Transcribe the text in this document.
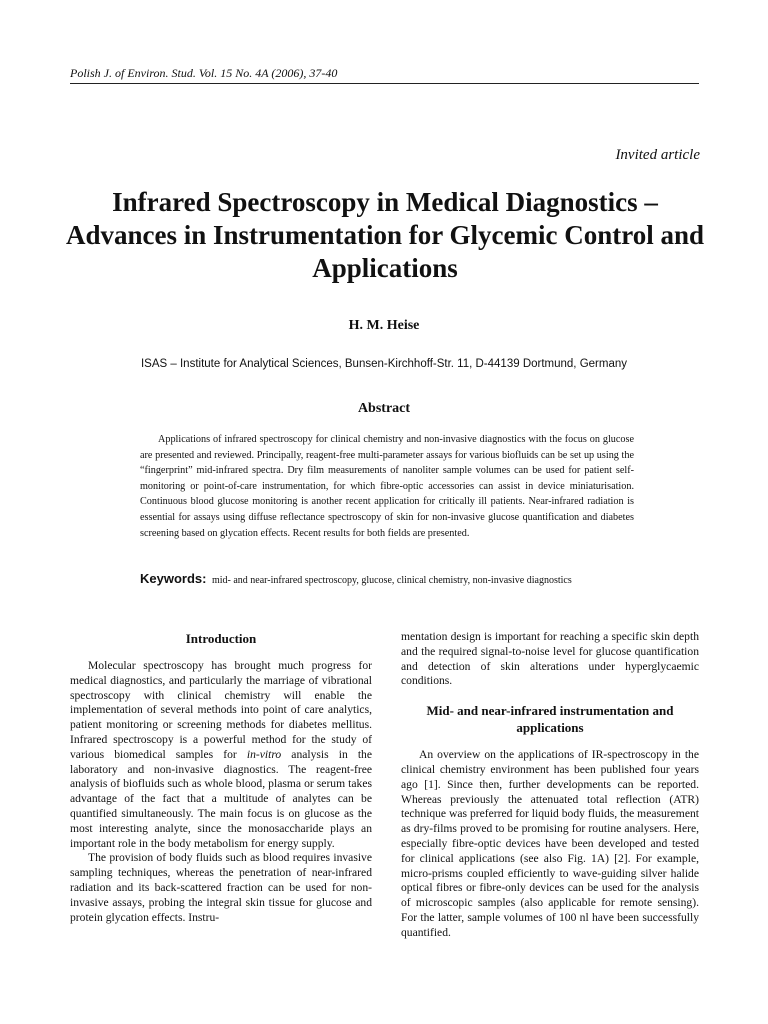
Polish J. of Environ. Stud. Vol. 15 No. 4A (2006), 37-40
Invited article
Infrared Spectroscopy in Medical Diagnostics – Advances in Instrumentation for Glycemic Control and Applications
H. M. Heise
ISAS – Institute for Analytical Sciences, Bunsen-Kirchhoff-Str. 11, D-44139 Dortmund, Germany
Abstract
Applications of infrared spectroscopy for clinical chemistry and non-invasive diagnostics with the focus on glucose are presented and reviewed. Principally, reagent-free multi-parameter assays for various biofluids can be set up using the “fingerprint” mid-infrared spectra. Dry film measurements of nanoliter sample volumes can be used for patient self-monitoring or point-of-care instrumentation, for which fibre-optic accessories can assist in device miniaturisation. Continuous blood glucose monitoring is another recent application for critically ill patients. Near-infrared radiation is essential for assays using diffuse reflectance spectroscopy of skin for non-invasive glucose quantification and diabetes screening based on glycation effects. Recent results for both fields are presented.
Keywords: mid- and near-infrared spectroscopy, glucose, clinical chemistry, non-invasive diagnostics
Introduction

Molecular spectroscopy has brought much progress for medical diagnostics, and particularly the marriage of vibrational spectroscopy with clinical chemistry will enable the implementation of several methods into point of care analytics, patient monitoring or screening methods for diabetes mellitus. Infrared spectroscopy is a powerful method for the study of various biomedical samples for in-vitro analysis in the laboratory and non-invasive diagnostics. The reagent-free analysis of biofluids such as whole blood, plasma or serum takes advantage of the fact that a multitude of analytes can be quantified simultaneously. The main focus is on glucose as the most interesting analyte, since the monosaccharide plays an important role in the body metabolism for energy supply.

The provision of body fluids such as blood requires invasive sampling techniques, whereas the penetration of near-infrared radiation and its back-scattered fraction can be used for non-invasive assays, probing the integral skin tissue for glucose and protein glycation effects. Instru-

mentation design is important for reaching a specific skin depth and the required signal-to-noise level for glucose quantification and detection of skin alterations under hyperglycaemic conditions.

Mid- and near-infrared instrumentation and applications

An overview on the applications of IR-spectroscopy in the clinical chemistry environment has been published four years ago [1]. Since then, further developments can be reported. Whereas previously the attenuated total reflection (ATR) technique was preferred for liquid body fluids, the measurement as dry-films proved to be promising for routine analysers. Here, especially fibre-optic devices have been developed and tested for clinical applications (see also Fig. 1A) [2]. For example, micro-prisms coupled efficiently to wave-guiding silver halide optical fibres or fibre-only devices can be used for the analysis of microscopic samples (also applicable for remote sensing). For the latter, sample volumes of 100 nl have been successfully quantified.
